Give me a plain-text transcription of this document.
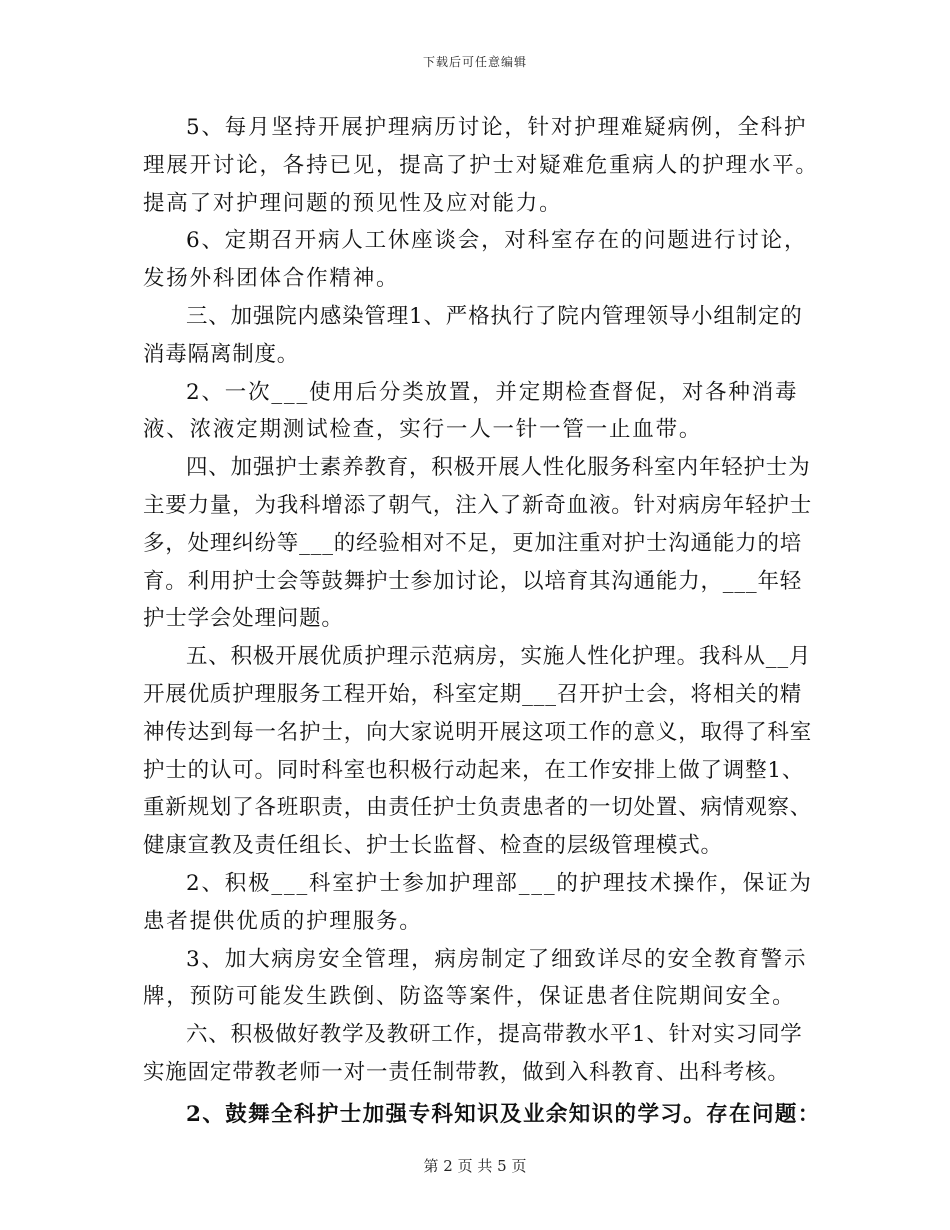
下载后可任意编辑

5、每月坚持开展护理病历讨论，针对护理难疑病例，全科护理展开讨论，各持已见，提高了护士对疑难危重病人的护理水平。提高了对护理问题的预见性及应对能力。

6、定期召开病人工休座谈会，对科室存在的问题进行讨论，发扬外科团体合作精神。

三、加强院内感染管理1、严格执行了院内管理领导小组制定的消毒隔离制度。

2、一次___使用后分类放置，并定期检查督促，对各种消毒液、浓液定期测试检查，实行一人一针一管一止血带。

四、加强护士素养教育，积极开展人性化服务科室内年轻护士为主要力量，为我科增添了朝气，注入了新奇血液。针对病房年轻护士多，处理纠纷等___的经验相对不足，更加注重对护士沟通能力的培育。利用护士会等鼓舞护士参加讨论，以培育其沟通能力，___年轻护士学会处理问题。

五、积极开展优质护理示范病房，实施人性化护理。我科从__月开展优质护理服务工程开始，科室定期___召开护士会，将相关的精神传达到每一名护士，向大家说明开展这项工作的意义，取得了科室护士的认可。同时科室也积极行动起来，在工作安排上做了调整1、重新规划了各班职责，由责任护士负责患者的一切处置、病情观察、健康宣教及责任组长、护士长监督、检查的层级管理模式。

2、积极___科室护士参加护理部___的护理技术操作，保证为患者提供优质的护理服务。

3、加大病房安全管理，病房制定了细致详尽的安全教育警示牌，预防可能发生跌倒、防盗等案件，保证患者住院期间安全。

六、积极做好教学及教研工作，提高带教水平1、针对实习同学实施固定带教老师一对一责任制带教，做到入科教育、出科考核。

2、鼓舞全科护士加强专科知识及业余知识的学习。存在问题：

第 2 页 共 5 页
